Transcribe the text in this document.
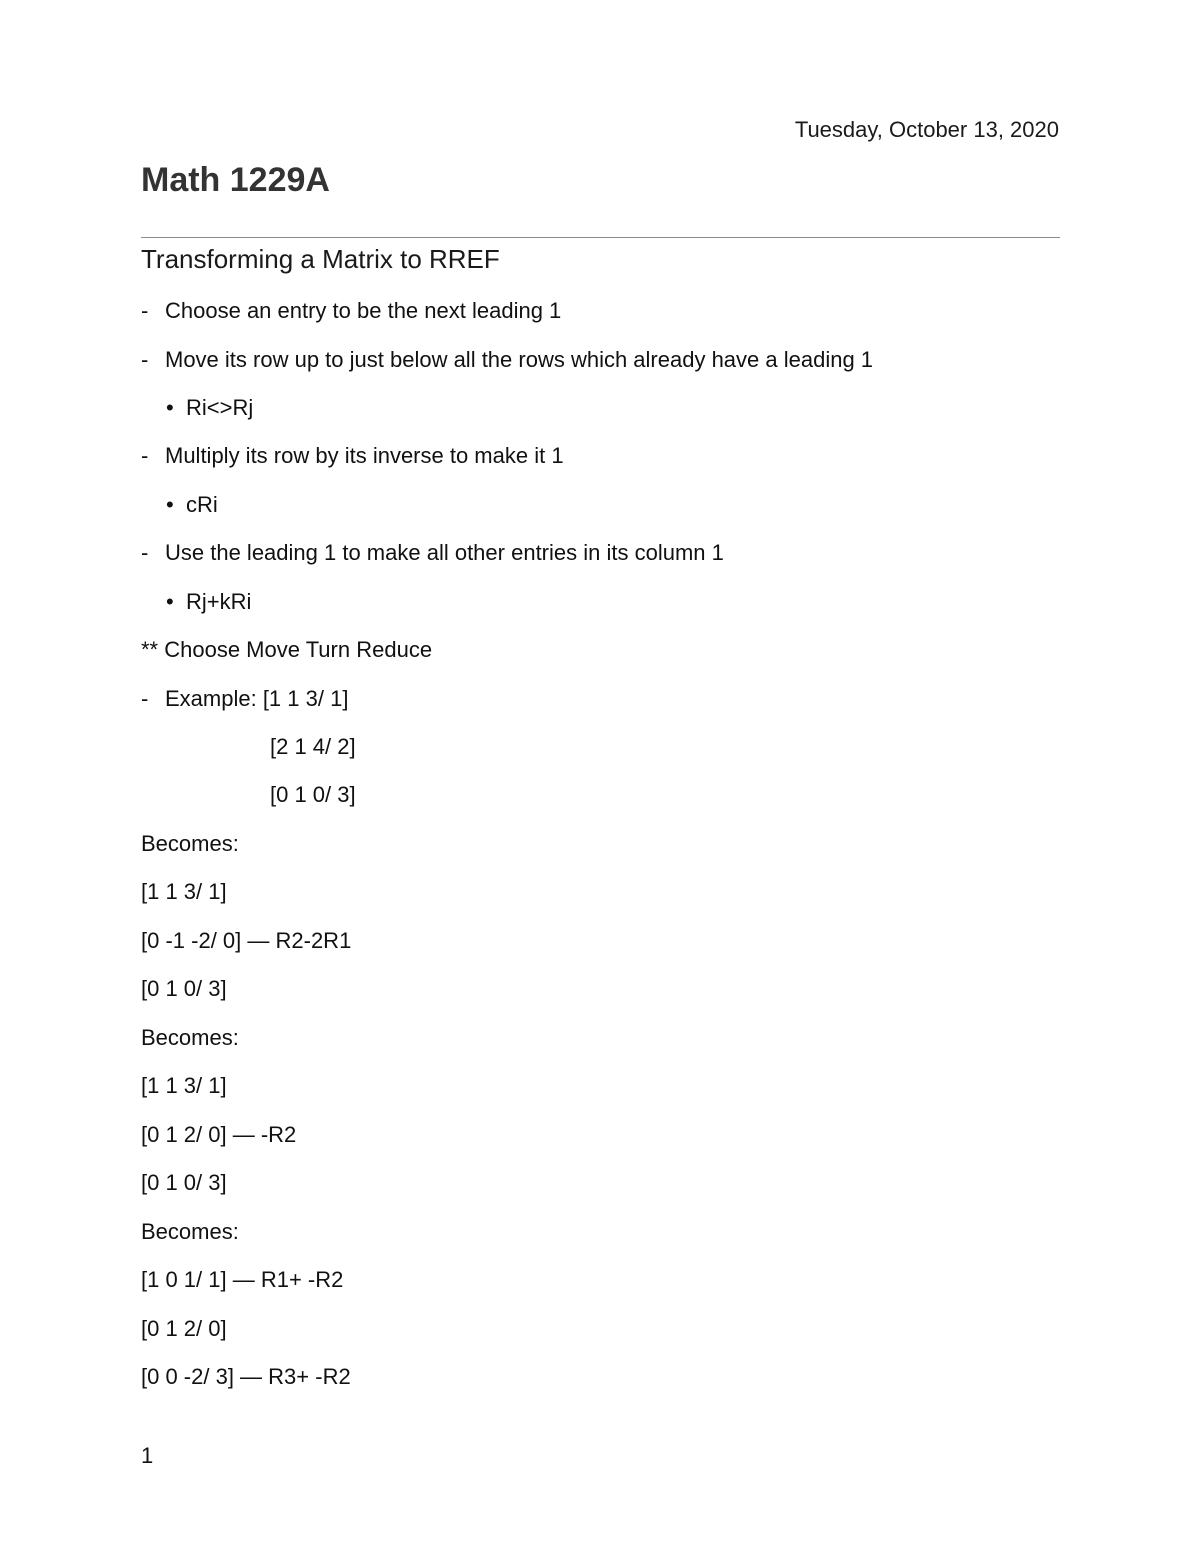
Tuesday, October 13, 2020
Math 1229A
Transforming a Matrix to RREF
- Choose an entry to be the next leading 1
- Move its row up to just below all the rows which already have a leading 1
• Ri<>Rj
- Multiply its row by its inverse to make it 1
• cRi
- Use the leading 1 to make all other entries in its column 1
• Rj+kRi
** Choose Move Turn Reduce
- Example: [1 1 3/ 1]
[2 1 4/ 2]
[0 1 0/ 3]
Becomes:
[1 1 3/ 1]
[0 -1 -2/ 0] — R2-2R1
[0 1 0/ 3]
Becomes:
[1 1 3/ 1]
[0 1 2/ 0] — -R2
[0 1 0/ 3]
Becomes:
[1 0 1/ 1] — R1+ -R2
[0 1 2/ 0]
[0 0 -2/ 3] — R3+ -R2
1
